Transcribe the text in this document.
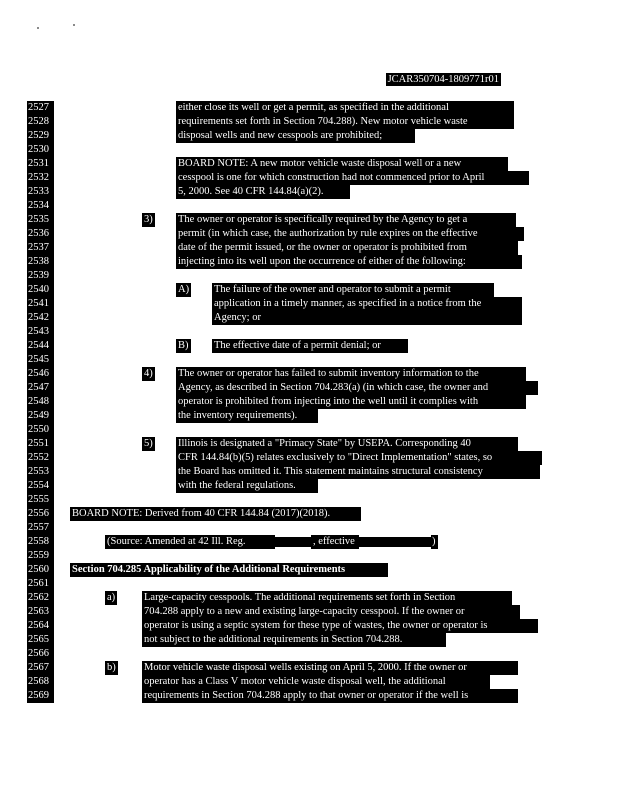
JCAR350704-1809771r01
2527	either close its well or get a permit, as specified in the additional
2528	requirements set forth in Section 704.288). New motor vehicle waste
2529	disposal wells and new cesspools are prohibited;
2530
2531	BOARD NOTE: A new motor vehicle waste disposal well or a new
2532	cesspool is one for which construction had not commenced prior to April
2533	5, 2000. See 40 CFR 144.84(a)(2).
2534
2535	3) The owner or operator is specifically required by the Agency to get a
2536	permit (in which case, the authorization by rule expires on the effective
2537	date of the permit issued, or the owner or operator is prohibited from
2538	injecting into its well upon the occurrence of either of the following:
2539
2540	A) The failure of the owner and operator to submit a permit
2541	application in a timely manner, as specified in a notice from the
2542	Agency; or
2543
2544	B) The effective date of a permit denial; or
2545
2546	4) The owner or operator has failed to submit inventory information to the
2547	Agency, as described in Section 704.283(a) (in which case, the owner and
2548	operator is prohibited from injecting into the well until it complies with
2549	the inventory requirements).
2550
2551	5) Illinois is designated a "Primacy State" by USEPA. Corresponding 40
2552	CFR 144.84(b)(5) relates exclusively to "Direct Implementation" states, so
2553	the Board has omitted it. This statement maintains structural consistency
2554	with the federal regulations.
2555
2556	BOARD NOTE: Derived from 40 CFR 144.84 (2017)(2018).
2557
2558	(Source: Amended at 42 Ill. Reg.	, effective	)
2559
2560	Section 704.285 Applicability of the Additional Requirements
2561
2562	a)	Large-capacity cesspools. The additional requirements set forth in Section
2563	704.288 apply to a new and existing large-capacity cesspool. If the owner or
2564	operator is using a septic system for these type of wastes, the owner or operator is
2565	not subject to the additional requirements in Section 704.288.
2566
2567	b)	Motor vehicle waste disposal wells existing on April 5, 2000. If the owner or
2568	operator has a Class V motor vehicle waste disposal well, the additional
2569	requirements in Section 704.288 apply to that owner or operator if the well is
